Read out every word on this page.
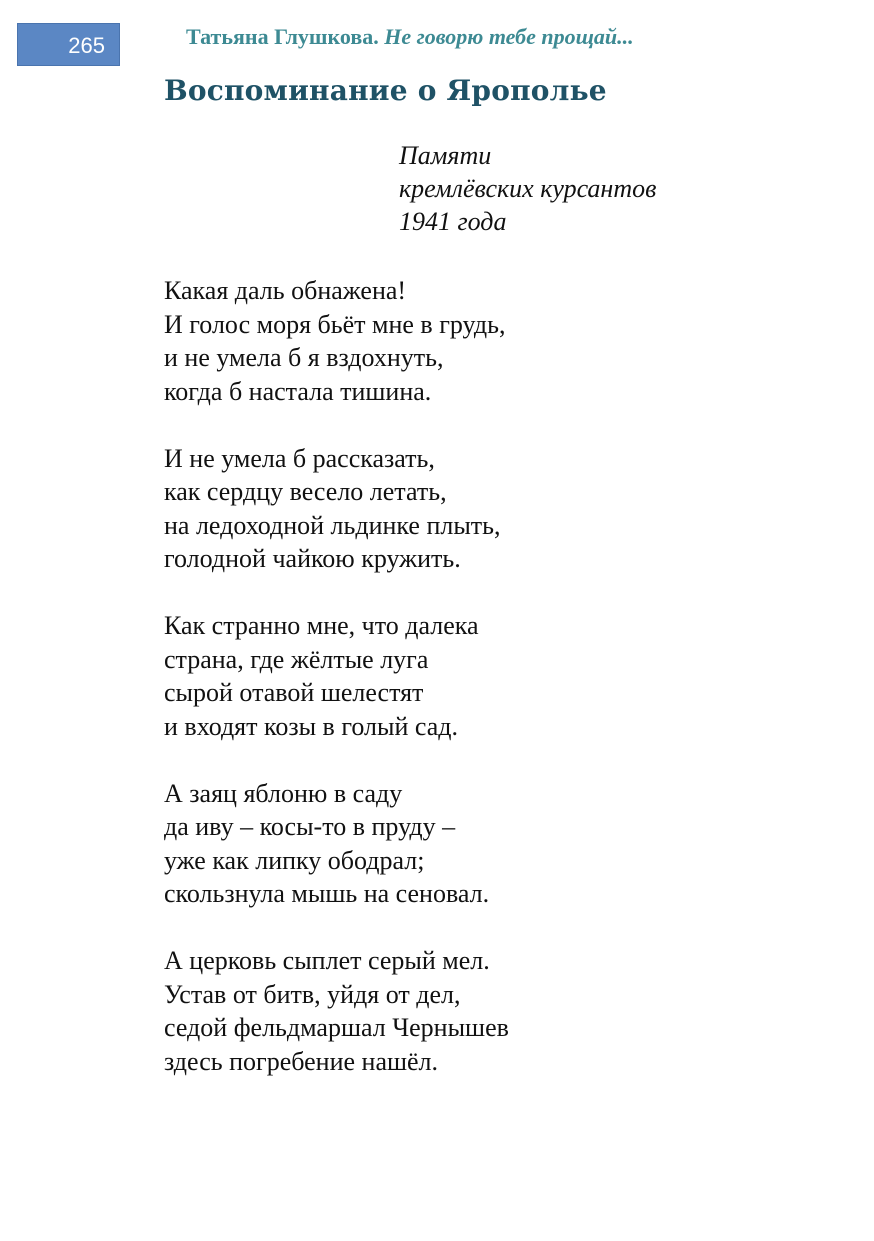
265	Татьяна Глушкова. Не говорю тебе прощай...
Воспоминание о Ярополье
Памяти
кремлёвских курсантов
1941 года
Какая даль обнажена!
И голос моря бьёт мне в грудь,
и не умела б я вздохнуть,
когда б настала тишина.
И не умела б рассказать,
как сердцу весело летать,
на ледоходной льдинке плыть,
голодной чайкою кружить.
Как странно мне, что далека
страна, где жёлтые луга
сырой отавой шелестят
и входят козы в голый сад.
А заяц яблоню в саду
да иву – косы-то в пруду –
уже как липку ободрал;
скользнула мышь на сеновал.
А церковь сыплет серый мел.
Устав от битв, уйдя от дел,
седой фельдмаршал Чернышев
здесь погребение нашёл.
